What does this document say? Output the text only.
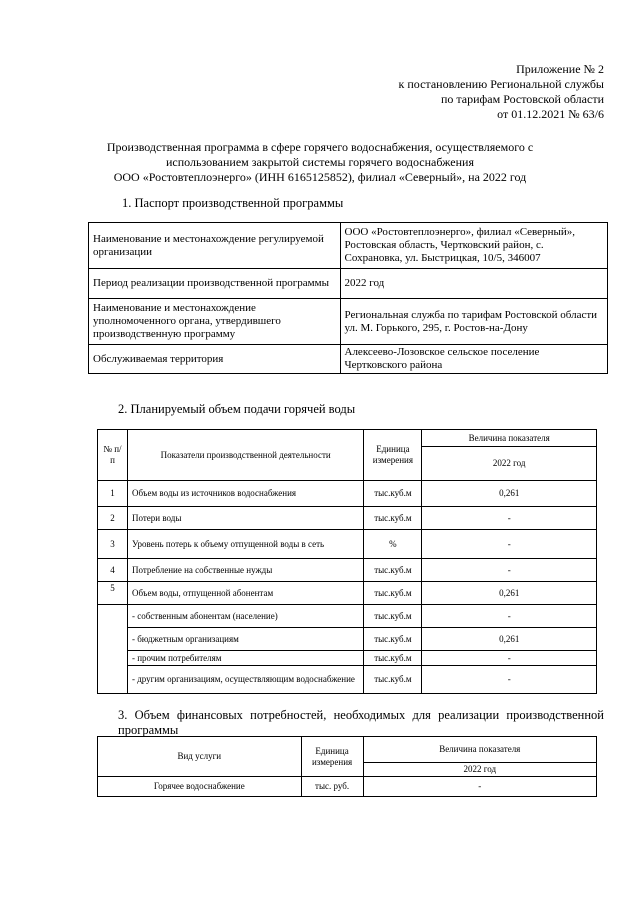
Приложение № 2
к постановлению Региональной службы
по тарифам Ростовской области
от 01.12.2021 № 63/6
Производственная программа в сфере горячего водоснабжения, осуществляемого с
использованием закрытой системы горячего водоснабжения
ООО «Ростовтеплоэнерго» (ИНН 6165125852), филиал «Северный», на 2022 год
1. Паспорт производственной программы
Наименование и местонахождение регулируемой организации	ООО «Ростовтеплоэнерго», филиал «Северный», Ростовская область, Чертковский район, с. Сохрановка, ул. Быстрицкая, 10/5, 346007
Период реализации производственной программы	2022 год
Наименование и местонахождение уполномоченного органа, утвердившего производственную программу	Региональная служба по тарифам Ростовской области ул. М. Горького, 295, г. Ростов-на-Дону
Обслуживаемая территория	Алексеево-Лозовское сельское поселение Чертковского района
2. Планируемый объем подачи горячей воды
№ п/п	Показатели производственной деятельности	Единица измерения	Величина показателя
			2022 год
1	Объем воды из источников водоснабжения	тыс.куб.м	0,261
2	Потери воды	тыс.куб.м	-
3	Уровень потерь к объему отпущенной воды в сеть	%	-
4	Потребление на собственные нужды	тыс.куб.м	-
5	Объем воды, отпущенной абонентам	тыс.куб.м	0,261
	- собственным абонентам (население)	тыс.куб.м	-
	- бюджетным организациям	тыс.куб.м	0,261
	- прочим потребителям	тыс.куб.м	-
	- другим организациям, осуществляющим водоснабжение	тыс.куб.м	-
3. Объем финансовых потребностей, необходимых для реализации производственной программы
Вид услуги	Единица измерения	Величина показателя
		2022 год
Горячее водоснабжение	тыс. руб.	-
